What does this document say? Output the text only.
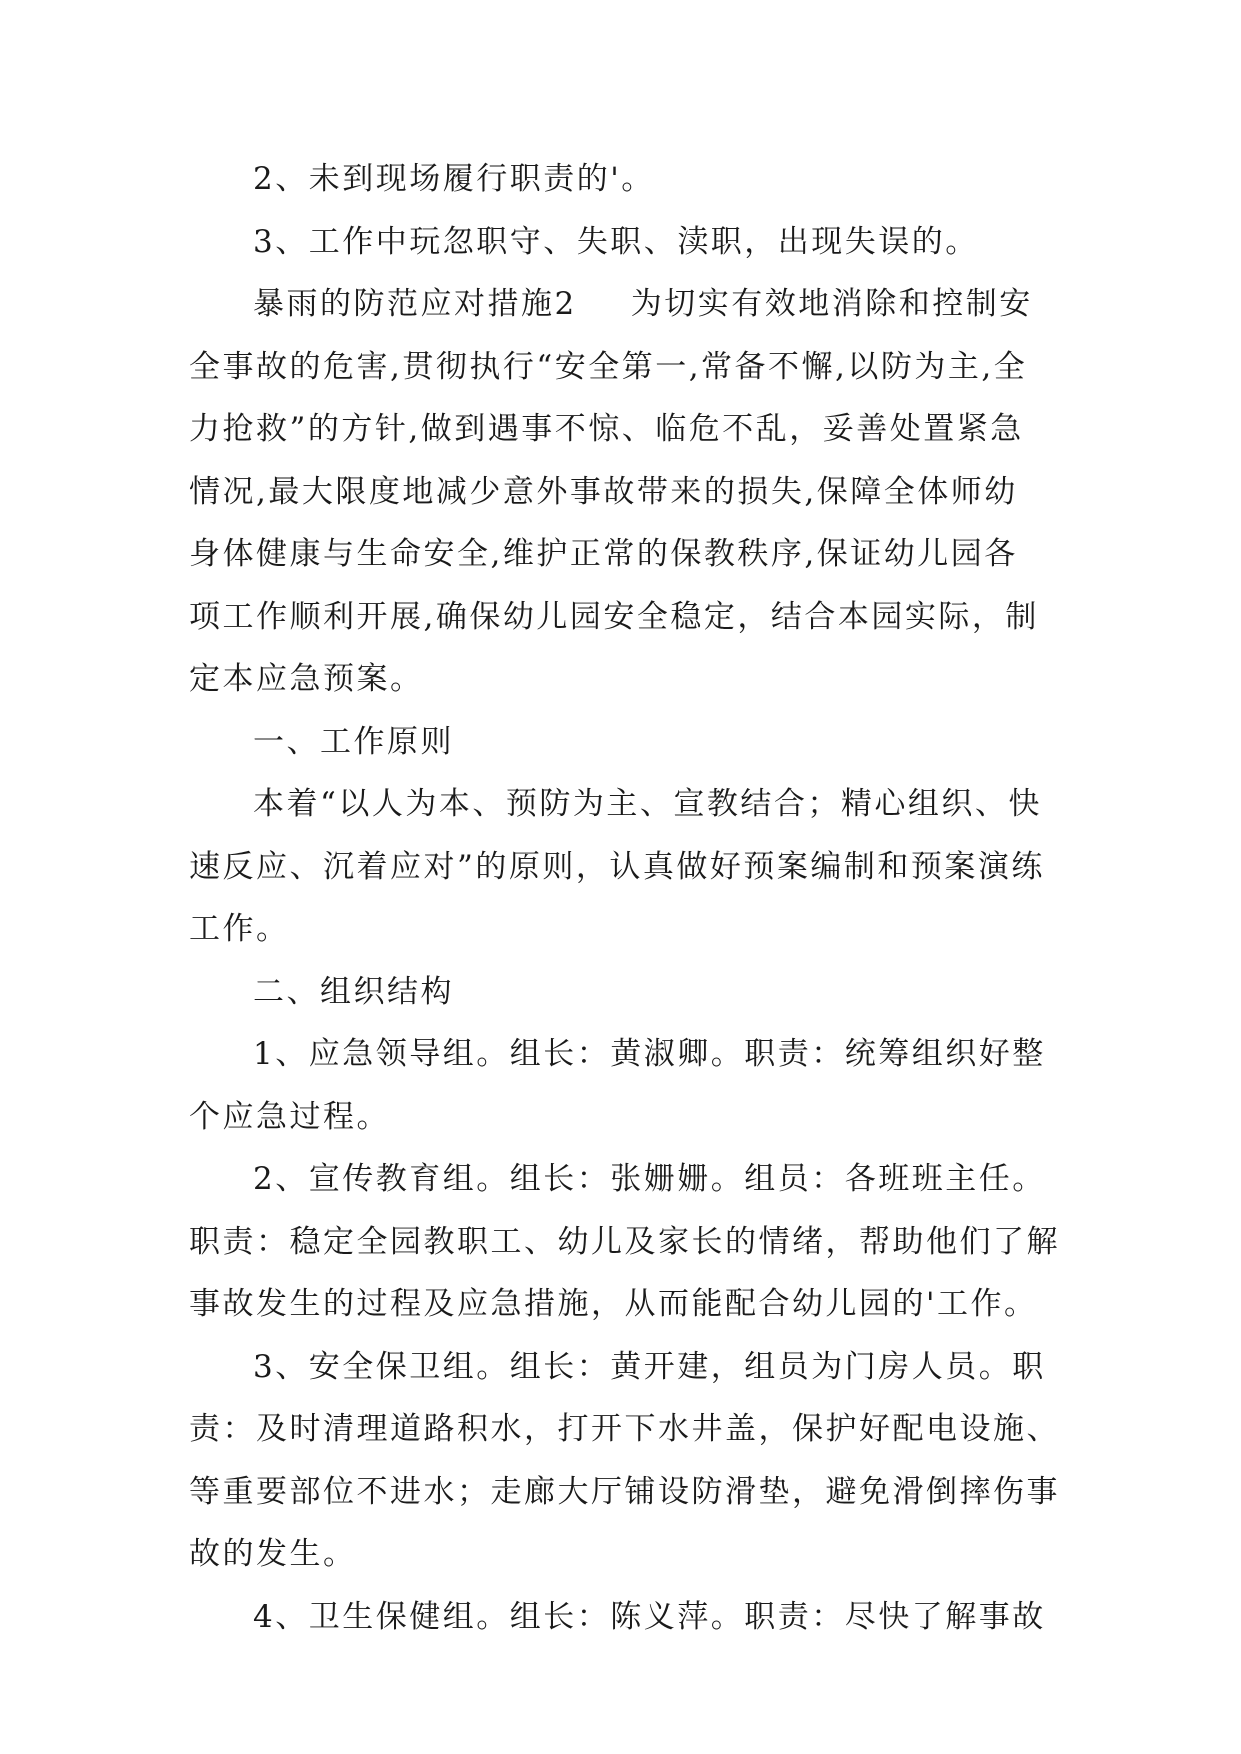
2、未到现场履行职责的'。
3、工作中玩忽职守、失职、渎职，出现失误的。
暴雨的防范应对措施2 为切实有效地消除和控制安
全事故的危害,贯彻执行“安全第一,常备不懈,以防为主,全
力抢救”的方针,做到遇事不惊、临危不乱，妥善处置紧急
情况,最大限度地减少意外事故带来的损失,保障全体师幼
身体健康与生命安全,维护正常的保教秩序,保证幼儿园各
项工作顺利开展,确保幼儿园安全稳定，结合本园实际，制
定本应急预案。
一、工作原则
本着“以人为本、预防为主、宣教结合；精心组织、快
速反应、沉着应对”的原则，认真做好预案编制和预案演练
工作。
二、组织结构
1、应急领导组。组长：黄淑卿。职责：统筹组织好整
个应急过程。
2、宣传教育组。组长：张姗姗。组员：各班班主任。
职责：稳定全园教职工、幼儿及家长的情绪，帮助他们了解
事故发生的过程及应急措施，从而能配合幼儿园的'工作。
3、安全保卫组。组长：黄开建，组员为门房人员。职
责：及时清理道路积水，打开下水井盖，保护好配电设施、
等重要部位不进水；走廊大厅铺设防滑垫，避免滑倒摔伤事
故的发生。
4、卫生保健组。组长：陈义萍。职责：尽快了解事故
